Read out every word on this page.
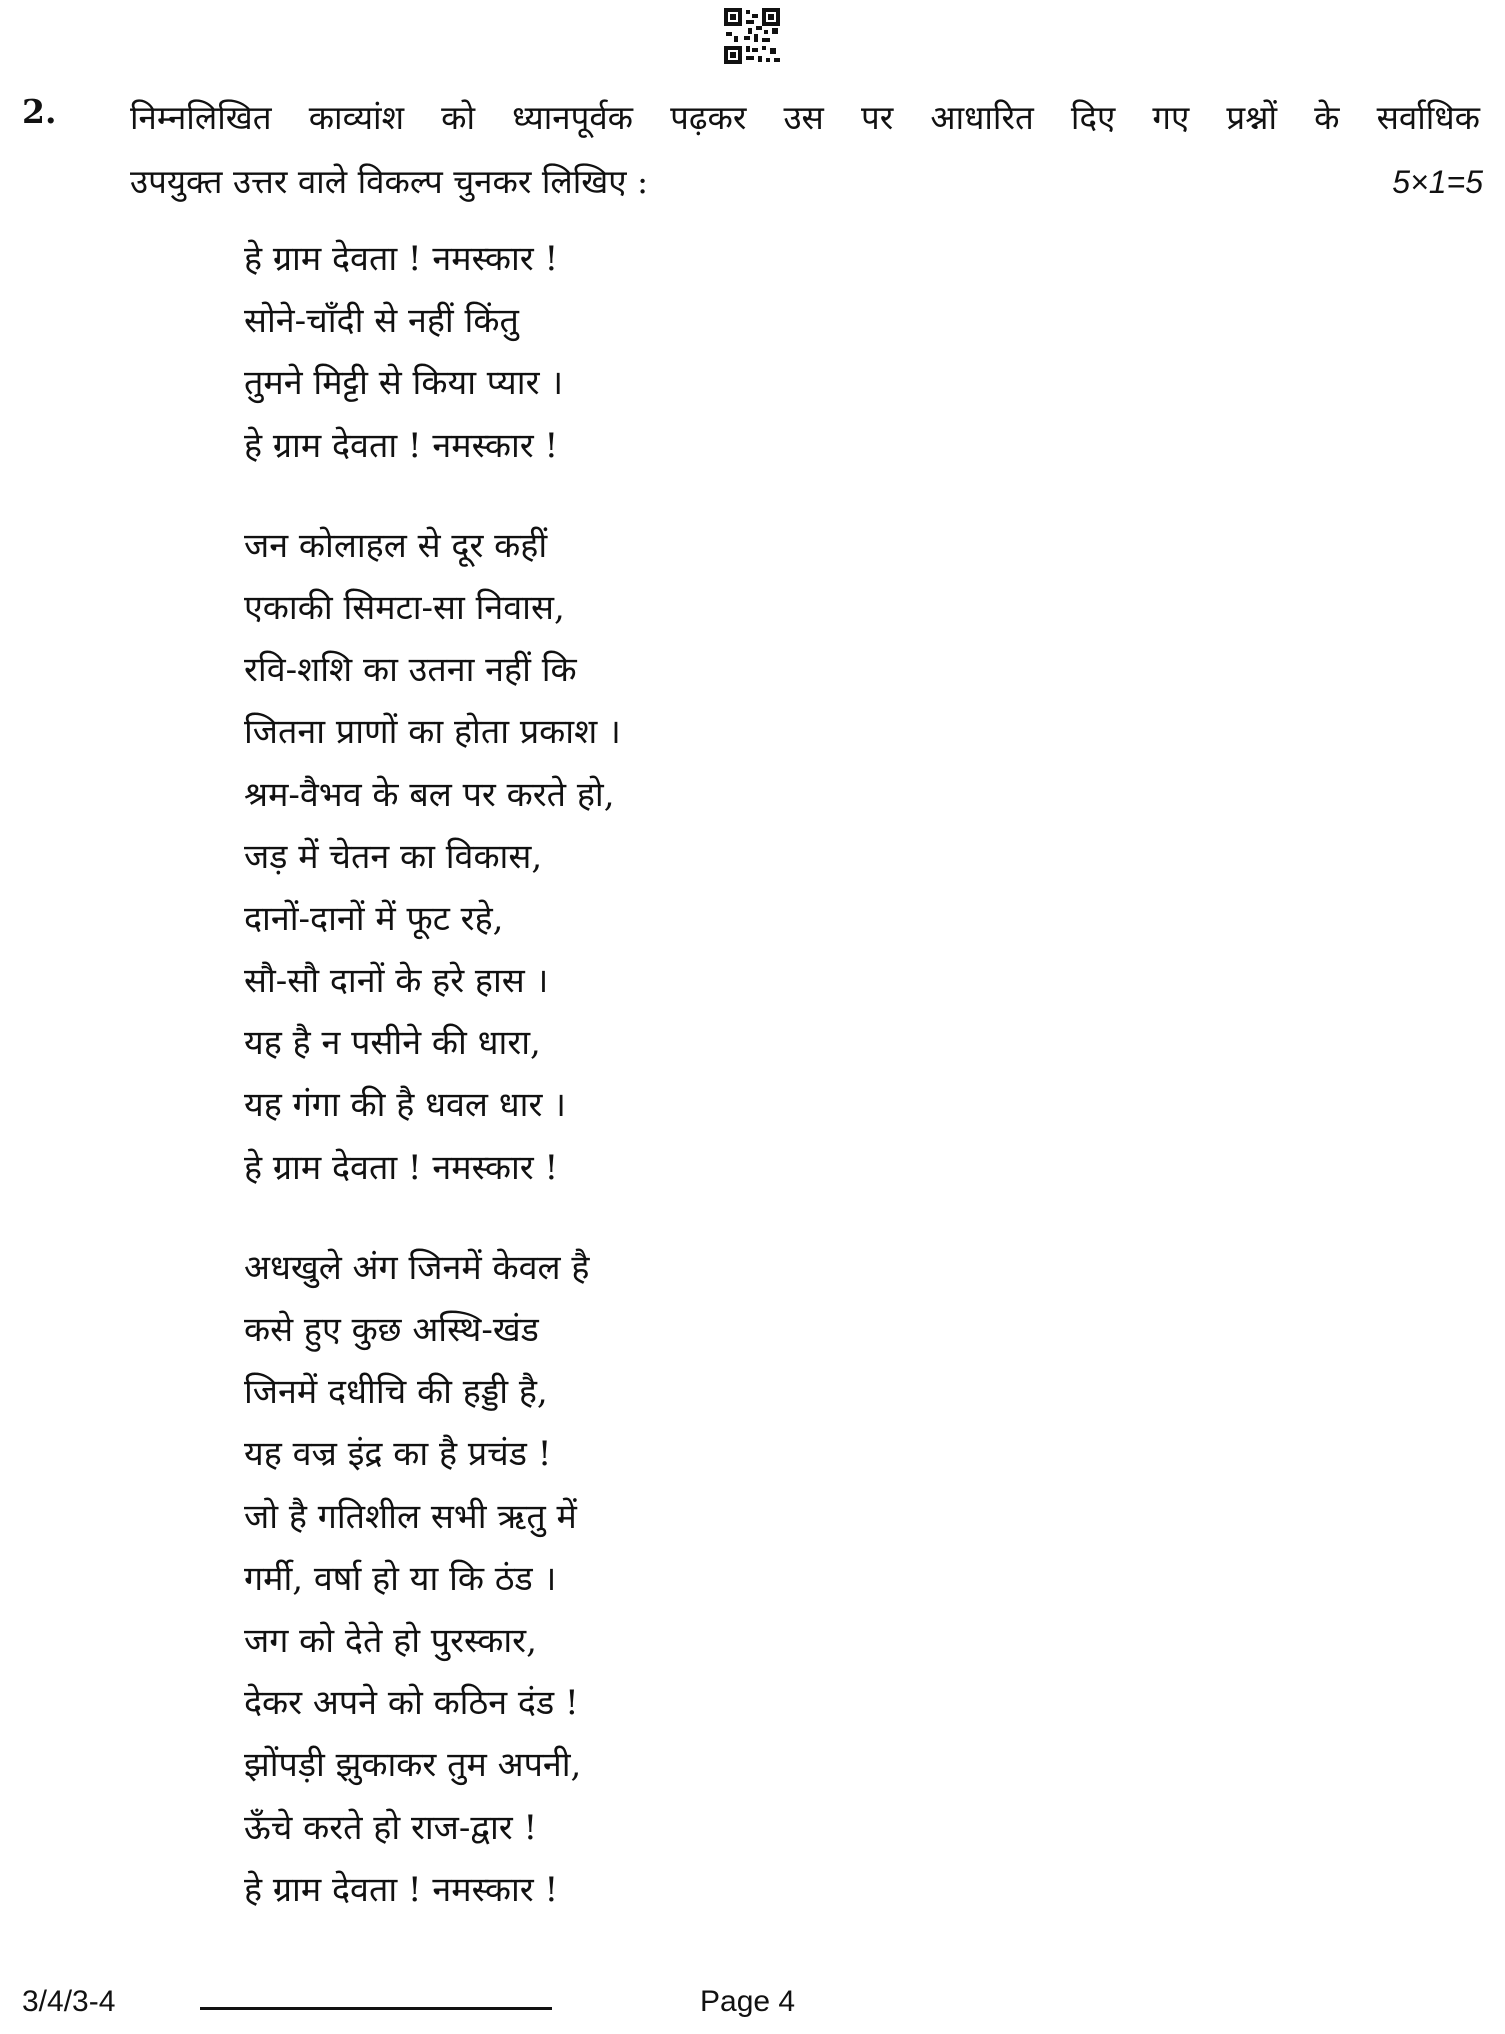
2. निम्नलिखित काव्यांश को ध्यानपूर्वक पढ़कर उस पर आधारित दिए गए प्रश्नों के सर्वाधिक
उपयुक्त उत्तर वाले विकल्प चुनकर लिखिए :	5×1=5
हे ग्राम देवता ! नमस्कार !
सोने-चाँदी से नहीं किंतु
तुमने मिट्टी से किया प्यार ।
हे ग्राम देवता ! नमस्कार !
जन कोलाहल से दूर कहीं
एकाकी सिमटा-सा निवास,
रवि-शशि का उतना नहीं कि
जितना प्राणों का होता प्रकाश ।
श्रम-वैभव के बल पर करते हो,
जड़ में चेतन का विकास,
दानों-दानों में फूट रहे,
सौ-सौ दानों के हरे हास ।
यह है न पसीने की धारा,
यह गंगा की है धवल धार ।
हे ग्राम देवता ! नमस्कार !
अधखुले अंग जिनमें केवल है
कसे हुए कुछ अस्थि-खंड
जिनमें दधीचि की हड्डी है,
यह वज्र इंद्र का है प्रचंड !
जो है गतिशील सभी ऋतु में
गर्मी, वर्षा हो या कि ठंड ।
जग को देते हो पुरस्कार,
देकर अपने को कठिन दंड !
झोंपड़ी झुकाकर तुम अपनी,
ऊँचे करते हो राज-द्वार !
हे ग्राम देवता ! नमस्कार !
3/4/3-4	Page 4
